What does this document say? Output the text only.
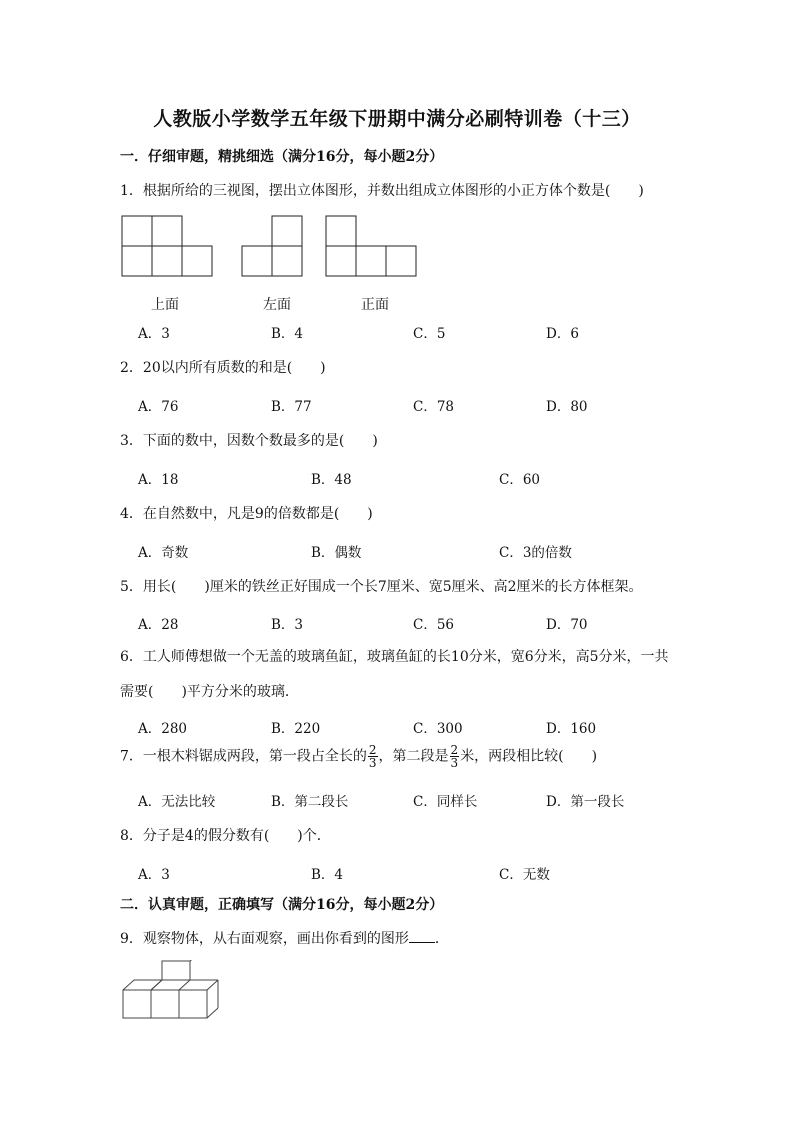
人教版小学数学五年级下册期中满分必刷特训卷（十三）
一．仔细审题，精挑细选（满分16分，每小题2分）
1．根据所给的三视图，摆出立体图形，并数出组成立体图形的小正方体个数是(　　)
上面	左面	正面
A．3	B．4	C．5	D．6
2．20以内所有质数的和是(　　)
A．76	B．77	C．78	D．80
3．下面的数中，因数个数最多的是(　　)
A．18	B．48	C．60
4．在自然数中，凡是9的倍数都是(　　)
A．奇数	B．偶数	C．3的倍数
5．用长(　　)厘米的铁丝正好围成一个长7厘米、宽5厘米、高2厘米的长方体框架。
A．28	B．3	C．56	D．70
6．工人师傅想做一个无盖的玻璃鱼缸，玻璃鱼缸的长10分米，宽6分米，高5分米，一共
需要(　　)平方分米的玻璃．
A．280	B．220	C．300	D．160
7．一根木料锯成两段，第一段占全长的 $\frac{2}{3}$ ，第二段是 $\frac{2}{3}$ 米，两段相比较(　　)
A．无法比较	B．第二段长	C．同样长	D．第一段长
8．分子是4的假分数有(　　)个．
A．3	B．4	C．无数
二．认真审题，正确填写（满分16分，每小题2分）
9．观察物体，从右面观察，画出你看到的图形 ．
